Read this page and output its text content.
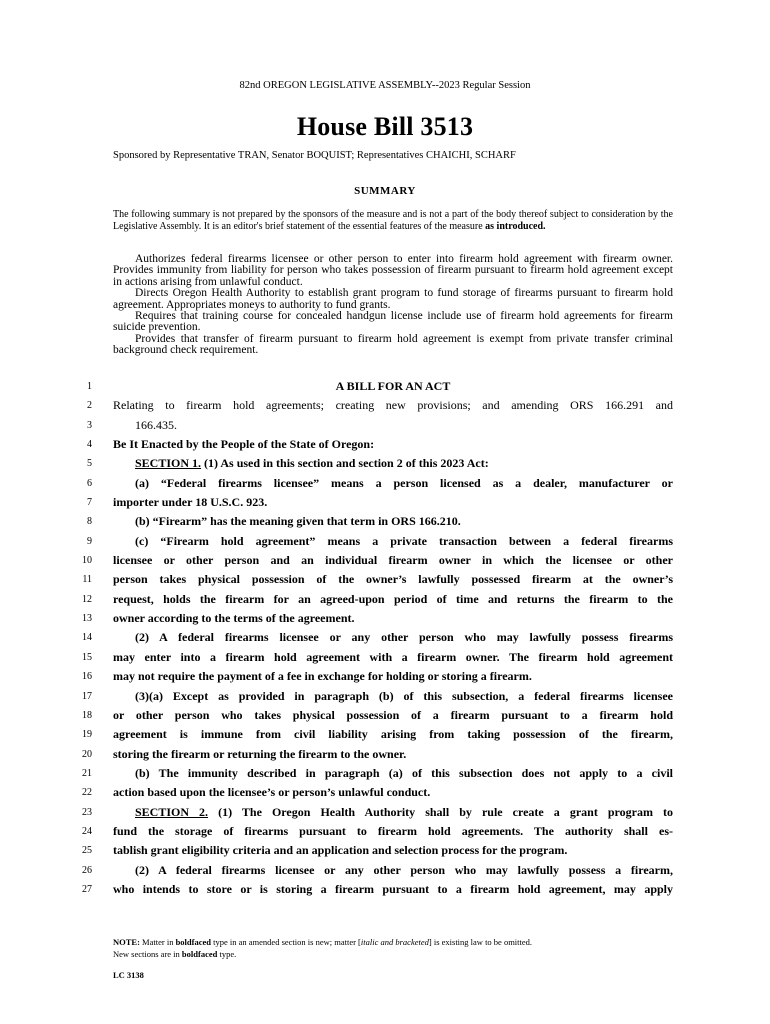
82nd OREGON LEGISLATIVE ASSEMBLY--2023 Regular Session
House Bill 3513
Sponsored by Representative TRAN, Senator BOQUIST; Representatives CHAICHI, SCHARF
SUMMARY
The following summary is not prepared by the sponsors of the measure and is not a part of the body thereof subject to consideration by the Legislative Assembly. It is an editor's brief statement of the essential features of the measure as introduced.

Authorizes federal firearms licensee or other person to enter into firearm hold agreement with firearm owner. Provides immunity from liability for person who takes possession of firearm pursuant to firearm hold agreement except in actions arising from unlawful conduct.

Directs Oregon Health Authority to establish grant program to fund storage of firearms pursuant to firearm hold agreement. Appropriates moneys to authority to fund grants.

Requires that training course for concealed handgun license include use of firearm hold agreements for firearm suicide prevention.

Provides that transfer of firearm pursuant to firearm hold agreement is exempt from private transfer criminal background check requirement.

1	A BILL FOR AN ACT
2 Relating to firearm hold agreements; creating new provisions; and amending ORS 166.291 and
3	166.435.
4 Be It Enacted by the People of the State of Oregon:
5	SECTION 1. (1) As used in this section and section 2 of this 2023 Act:
6	(a) “Federal firearms licensee” means a person licensed as a dealer, manufacturer or
7 importer under 18 U.S.C. 923.
8	(b) “Firearm” has the meaning given that term in ORS 166.210.
9	(c) “Firearm hold agreement” means a private transaction between a federal firearms
10 licensee or other person and an individual firearm owner in which the licensee or other
11 person takes physical possession of the owner’s lawfully possessed firearm at the owner’s
12 request, holds the firearm for an agreed-upon period of time and returns the firearm to the
13 owner according to the terms of the agreement.
14	(2) A federal firearms licensee or any other person who may lawfully possess firearms
15 may enter into a firearm hold agreement with a firearm owner. The firearm hold agreement
16 may not require the payment of a fee in exchange for holding or storing a firearm.
17	(3)(a) Except as provided in paragraph (b) of this subsection, a federal firearms licensee
18 or other person who takes physical possession of a firearm pursuant to a firearm hold
19 agreement is immune from civil liability arising from taking possession of the firearm,
20 storing the firearm or returning the firearm to the owner.
21	(b) The immunity described in paragraph (a) of this subsection does not apply to a civil
22 action based upon the licensee’s or person’s unlawful conduct.
23	SECTION 2. (1) The Oregon Health Authority shall by rule create a grant program to
24 fund the storage of firearms pursuant to firearm hold agreements. The authority shall es-
25 tablish grant eligibility criteria and an application and selection process for the program.
26	(2) A federal firearms licensee or any other person who may lawfully possess a firearm,
27 who intends to store or is storing a firearm pursuant to a firearm hold agreement, may apply
NOTE: Matter in boldfaced type in an amended section is new; matter [italic and bracketed] is existing law to be omitted.
New sections are in boldfaced type.
LC 3138
